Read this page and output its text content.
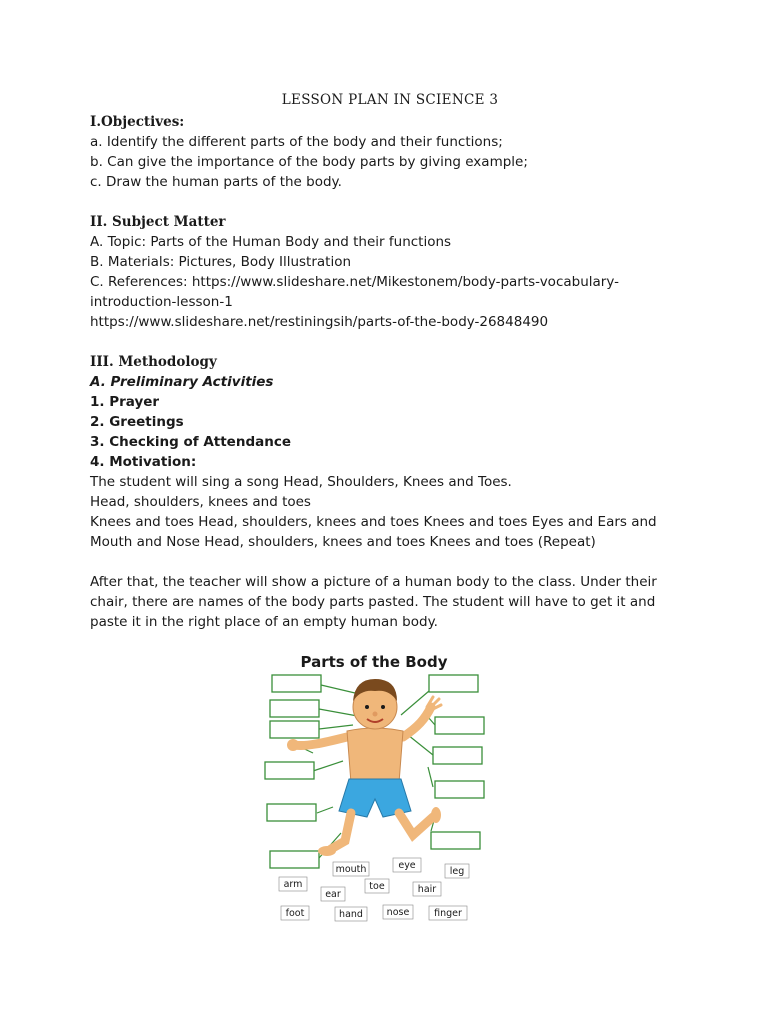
LESSON PLAN IN SCIENCE 3

I.Objectives:

a. Identify the different parts of the body and their functions;

b. Can give the importance of the body parts by giving example;

c. Draw the human parts of the body.

II. Subject Matter

A. Topic: Parts of the Human Body and their functions

B. Materials: Pictures, Body Illustration

C. References: https://www.slideshare.net/Mikestonem/body-parts-vocabulary-

introduction-lesson-1

https://www.slideshare.net/restiningsih/parts-of-the-body-26848490

III. Methodology

A. Preliminary Activities

1. Prayer

2. Greetings

3. Checking of Attendance

4. Motivation:

The student will sing a song Head, Shoulders, Knees and Toes.

Head, shoulders, knees and toes

Knees and toes Head, shoulders, knees and toes Knees and toes Eyes and Ears and

Mouth and Nose Head, shoulders, knees and toes Knees and toes (Repeat)

After that, the teacher will show a picture of a human body to the class. Under their

chair, there are names of the body parts pasted. The student will have to get it and

paste it in the right place of an empty human body.

Parts of the Body
mouth	eye
leg
arm
ear
toe	hair
foot	hand nose	finger
